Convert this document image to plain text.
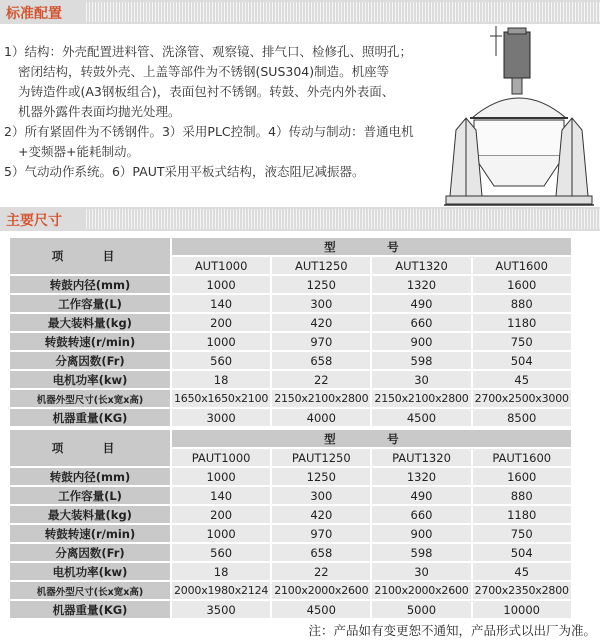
标准配置

1）结构：外壳配置进料管、洗涤管、观察镜、排气口、检修孔、照明孔；

密闭结构，转鼓外壳、上盖等部件为不锈钢(SUS304)制造。机座等

为铸造件或(A3钢板组合)，表面包衬不锈钢。转鼓、外壳内外表面、

机器外露件表面均抛光处理。

2）所有紧固件为不锈钢件。3）采用PLC控制。4）传动与制动：普通电机

+变频器+能耗制动。

5）气动动作系统。6）PAUT采用平板式结构，液态阻尼减振器。

主要尺寸
项　目	型　号			
	AUT1000	AUT1250	AUT1320	AUT1600
转鼓内径(mm)	1000	1250	1320	1600
工作容量(L)	140	300	490	880
最大装料量(kg)	200	420	660	1180
转鼓转速(r/min)	1000	970	900	750
分离因数(Fr)	560	658	598	504
电机功率(kw)	18	22	30	45
机器外型尺寸(长x宽x高)	1650x1650x2100	2150x2100x2800	2150x2100x2800	2700x2500x3000
机器重量(KG)	3000	4000	4500	8500
项　目	型　号			
	PAUT1000	PAUT1250	PAUT1320	PAUT1600
转鼓内径(mm)	1000	1250	1320	1600
工作容量(L)	140	300	490	880
最大装料量(kg)	200	420	660	1180
转鼓转速(r/min)	1000	970	900	750
分离因数(Fr)	560	658	598	504
电机功率(kw)	18	22	30	45
机器外型尺寸(长x宽x高)	2000x1980x2124	2100x2000x2600	2100x2000x2600	2700x2350x2800
机器重量(KG)	3500	4500	5000	10000
注：产品如有变更恕不通知，产品形式以出厂为准。
